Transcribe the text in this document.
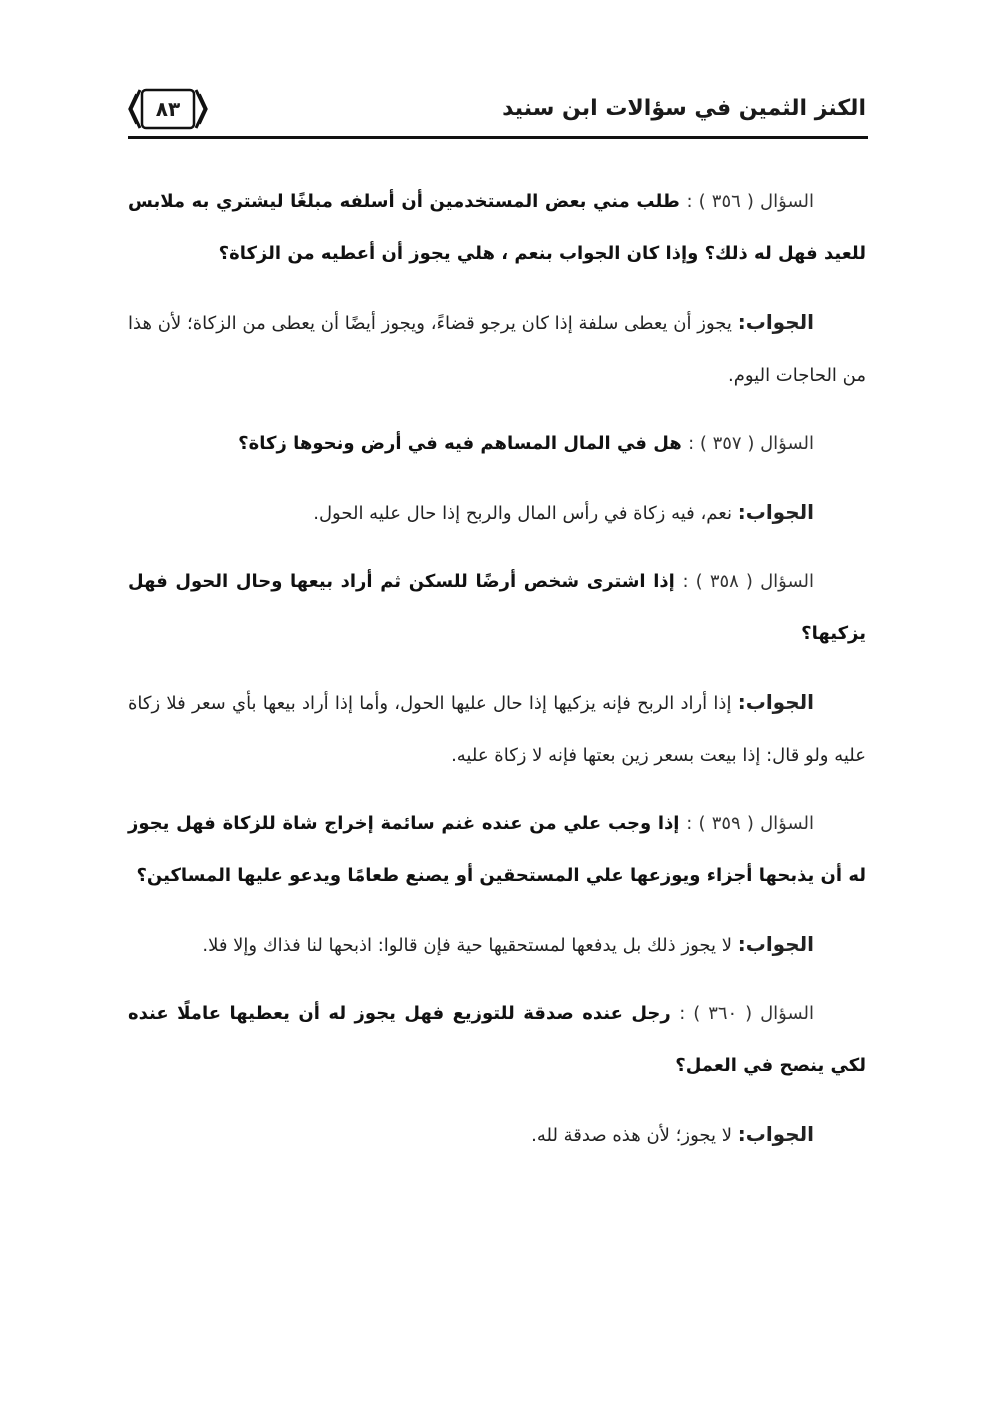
الكنز الثمين في سؤالات ابن سنيد
٨٣

السؤال ( ٣٥٦ ) : طلب مني بعض المستخدمين أن أسلفه مبلغًا ليشتري به ملابس للعيد فهل له ذلك؟ وإذا كان الجواب بنعم ، هلي يجوز أن أعطيه من الزكاة؟

الجواب: يجوز أن يعطى سلفة إذا كان يرجو قضاءً، ويجوز أيضًا أن يعطى من الزكاة؛ لأن هذا من الحاجات اليوم.

السؤال ( ٣٥٧ ) : هل في المال المساهم فيه في أرض ونحوها زكاة؟

الجواب: نعم، فيه زكاة في رأس المال والربح إذا حال عليه الحول.

السؤال ( ٣٥٨ ) : إذا اشترى شخص أرضًا للسكن ثم أراد بيعها وحال الحول فهل يزكيها؟

الجواب: إذا أراد الربح فإنه يزكيها إذا حال عليها الحول، وأما إذا أراد بيعها بأي سعر فلا زكاة عليه ولو قال: إذا بيعت بسعر زين بعتها فإنه لا زكاة عليه.

السؤال ( ٣٥٩ ) : إذا وجب علي من عنده غنم سائمة إخراج شاة للزكاة فهل يجوز له أن يذبحها أجزاء ويوزعها علي المستحقين أو يصنع طعامًا ويدعو عليها المساكين؟

الجواب: لا يجوز ذلك بل يدفعها لمستحقيها حية فإن قالوا: اذبحها لنا فذاك وإلا فلا.

السؤال ( ٣٦٠ ) : رجل عنده صدقة للتوزيع فهل يجوز له أن يعطيها عاملًا عنده لكي ينصح في العمل؟

الجواب: لا يجوز؛ لأن هذه صدقة لله.
